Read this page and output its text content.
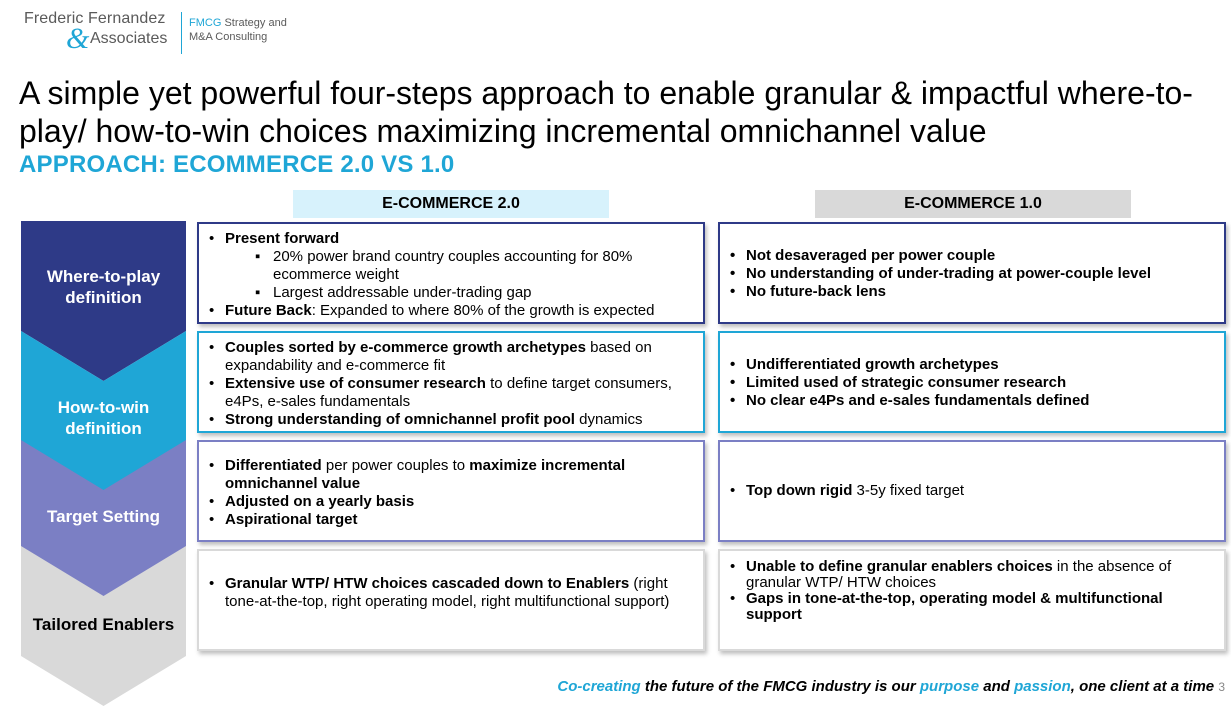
Frederic Fernandez
& Associates
FMCG Strategy and
M&A Consulting
A simple yet powerful four-steps approach to enable granular & impactful where-to-play/ how-to-win choices maximizing incremental omnichannel value
APPROACH: ECOMMERCE 2.0 VS 1.0
E-COMMERCE 2.0	E-COMMERCE 1.0
Where-to-play definition
How-to-win definition
Target Setting
Tailored Enablers
• Present forward
▪ 20% power brand country couples accounting for 80% ecommerce weight
▪ Largest addressable under-trading gap
• Future Back: Expanded to where 80% of the growth is expected
• Not desaveraged per power couple
• No understanding of under-trading at power-couple level
• No future-back lens
• Couples sorted by e-commerce growth archetypes based on expandability and e-commerce fit
• Extensive use of consumer research to define target consumers, e4Ps, e-sales fundamentals
• Strong understanding of omnichannel profit pool dynamics
• Undifferentiated growth archetypes
• Limited used of strategic consumer research
• No clear e4Ps and e-sales fundamentals defined
• Differentiated per power couples to maximize incremental omnichannel value
• Adjusted on a yearly basis
• Aspirational target
• Top down rigid 3-5y fixed target
• Granular WTP/ HTW choices cascaded down to Enablers (right tone-at-the-top, right operating model, right multifunctional support)
• Unable to define granular enablers choices in the absence of granular WTP/ HTW choices
• Gaps in tone-at-the-top, operating model & multifunctional support
Co-creating the future of the FMCG industry is our purpose and passion, one client at a time 3
